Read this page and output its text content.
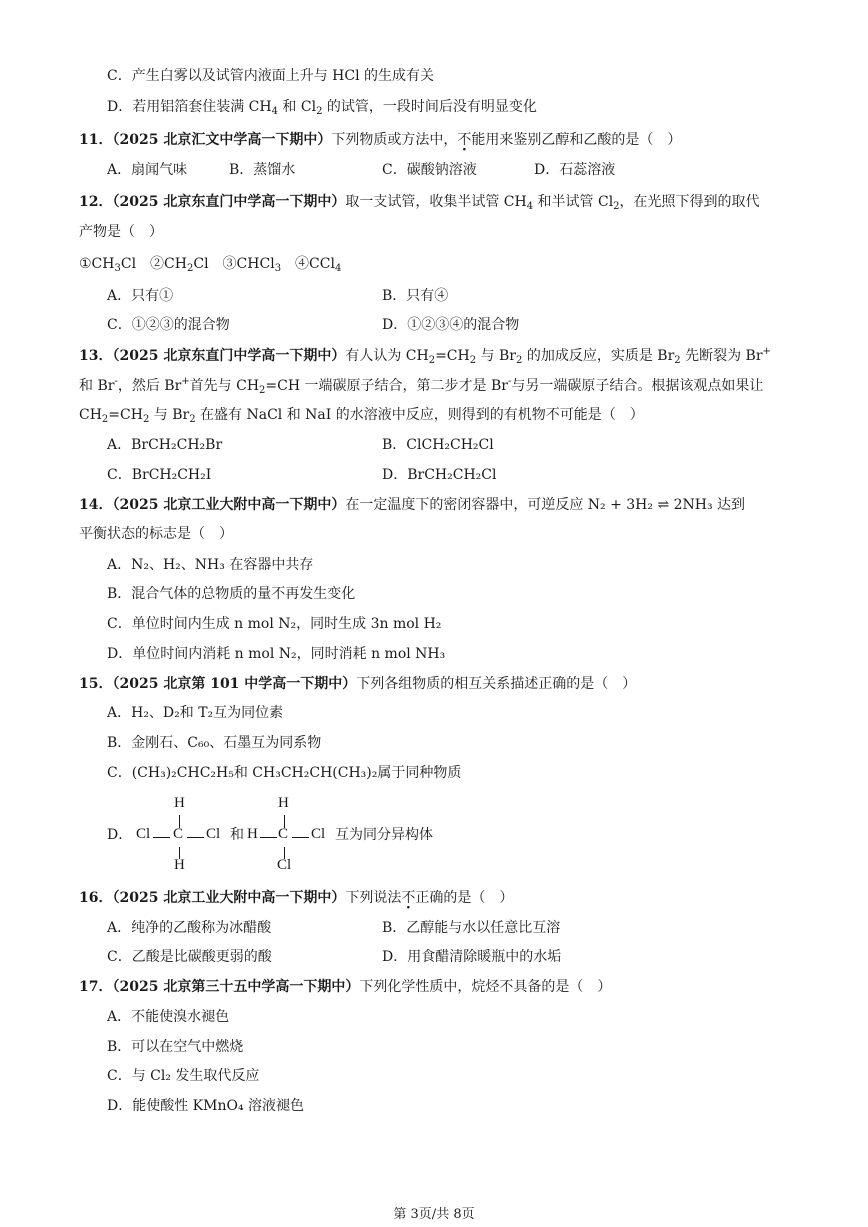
C．产生白雾以及试管内液面上升与 HCl 的生成有关
D．若用铝箔套住装满 $CH_4$ 和 $Cl_2$ 的试管，一段时间后没有明显变化
11．（2025 北京汇文中学高一下期中）下列物质或方法中，不能用来鉴别乙醇和乙酸的是（　）
A．扇闻气味	B．蒸馏水	C．碳酸钠溶液	D．石蕊溶液
12．（2025 北京东直门中学高一下期中）取一支试管，收集半试管 $CH_4$ 和半试管 $Cl_2$，在光照下得到的取代
产物是（　）
$①CH_3Cl$　$②CH_2Cl$　③CHCl$_3$　④CCl$_4$
A．只有①	B．只有④
C．①②③的混合物	D．①②③④的混合物
13．（2025 北京东直门中学高一下期中）有人认为 $CH_2=CH_2$ 与 $Br_2$ 的加成反应，实质是 $Br_2$ 先断裂为 Br+
和 Br-，然后 Br+首先与 $CH_2=CH$ 一端碳原子结合，第二步才是 Br-与另一端碳原子结合。根据该观点如果让
$CH_2=CH_2$ 与 $Br_2$ 在盛有 NaCl 和 NaI 的水溶液中反应，则得到的有机物不可能是（　）
A．BrCH₂CH₂Br	B．ClCH₂CH₂Cl
C．BrCH₂CH₂I	D．BrCH₂CH₂Cl
14．（2025 北京工业大附中高一下期中）在一定温度下的密闭容器中，可逆反应 N₂ + 3H₂ ⇌ 2NH₃ 达到
平衡状态的标志是（　）
A．N₂、H₂、NH₃ 在容器中共存
B．混合气体的总物质的量不再发生变化
C．单位时间内生成 n mol N₂，同时生成 3n mol H₂
D．单位时间内消耗 n mol N₂，同时消耗 n mol NH₃
15．（2025 北京第 101 中学高一下期中）下列各组物质的相互关系描述正确的是（　）
A．H₂、D₂和 T₂互为同位素
B．金刚石、C₆₀、石墨互为同系物
C．(CH₃)₂CHC₂H₅和 CH₃CH₂CH(CH₃)₂属于同种物质
D．
H
Cl C Cl
H
和
H
H C Cl
Cl
互为同分异构体
16．（2025 北京工业大附中高一下期中）下列说法不正确的是（　）
A．纯净的乙酸称为冰醋酸	B．乙醇能与水以任意比互溶
C．乙酸是比碳酸更弱的酸	D．用食醋清除暖瓶中的水垢
17．（2025 北京第三十五中学高一下期中）下列化学性质中，烷烃不具备的是（　）
A．不能使溴水褪色
B．可以在空气中燃烧
C．与 Cl₂ 发生取代反应
D．能使酸性 KMnO₄ 溶液褪色
第 3页/共 8页
